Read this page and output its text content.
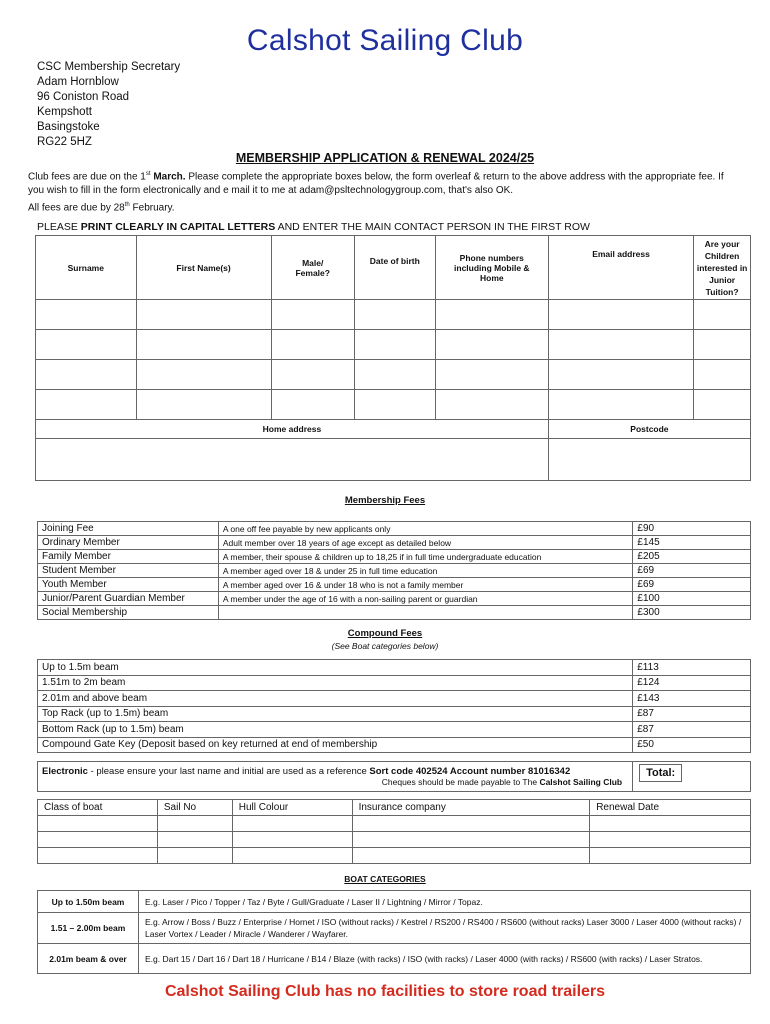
Calshot Sailing Club
CSC Membership Secretary
Adam Hornblow
96 Coniston Road
Kempshott
Basingstoke
RG22 5HZ
MEMBERSHIP APPLICATION & RENEWAL 2024/25

Club fees are due on the 1st March. Please complete the appropriate boxes below, the form overleaf & return to the above address with the appropriate fee. If you wish to fill in the form electronically and e mail it to me at adam@psltechnologygroup.com, that's also OK.

All fees are due by 28th February.

PLEASE PRINT CLEARLY IN CAPITAL LETTERS AND ENTER THE MAIN CONTACT PERSON IN THE FIRST ROW
Surname	First Name(s)	Male/ Female?	Date of birth	Phone numbers including Mobile & Home	Email address	Are your Children interested in Junior Tuition?

Home address					Postcode	

Membership Fees
Joining Fee	A one off fee payable by new applicants only	£90
Ordinary Member	Adult member over 18 years of age except as detailed below	£145
Family Member	A member, their spouse & children up to 18,25 if in full time undergraduate education	£205
Student Member	A member aged over 18 & under 25 in full time education	£69
Youth Member	A member aged over 16 & under 18 who is not a family member	£69
Junior/Parent Guardian Member	A member under the age of 16 with a non-sailing parent or guardian	£100
Social Membership		£300
Compound Fees
(See Boat categories below)
Up to 1.5m beam	£113
1.51m to 2m beam	£124
2.01m and above beam	£143
Top Rack (up to 1.5m) beam	£87
Bottom Rack (up to 1.5m) beam	£87
Compound Gate Key (Deposit based on key returned at end of membership	£50
Electronic - please ensure your last name and initial are used as a reference Sort code 402524 Account number 81016342
Cheques should be made payable to The Calshot Sailing Club
	Total:
Class of boat	Sail No	Hull Colour	Insurance company	Renewal Date

BOAT CATEGORIES
Up to 1.50m beam	E.g. Laser / Pico / Topper / Taz / Byte / Gull/Graduate / Laser II / Lightning / Mirror / Topaz.
1.51 – 2.00m beam	E.g. Arrow / Boss / Buzz / Enterprise / Hornet / ISO (without racks) / Kestrel / RS200 / RS400 / RS600 (without racks) Laser 3000 / Laser 4000 (without racks) / Laser Vortex / Leader / Miracle / Wanderer / Wayfarer.
2.01m beam & over	E.g. Dart 15 / Dart 16 / Dart 18 / Hurricane / B14 / Blaze (with racks) / ISO (with racks) / Laser 4000 (with racks) / RS600 (with racks) / Laser Stratos.
Calshot Sailing Club has no facilities to store road trailers
